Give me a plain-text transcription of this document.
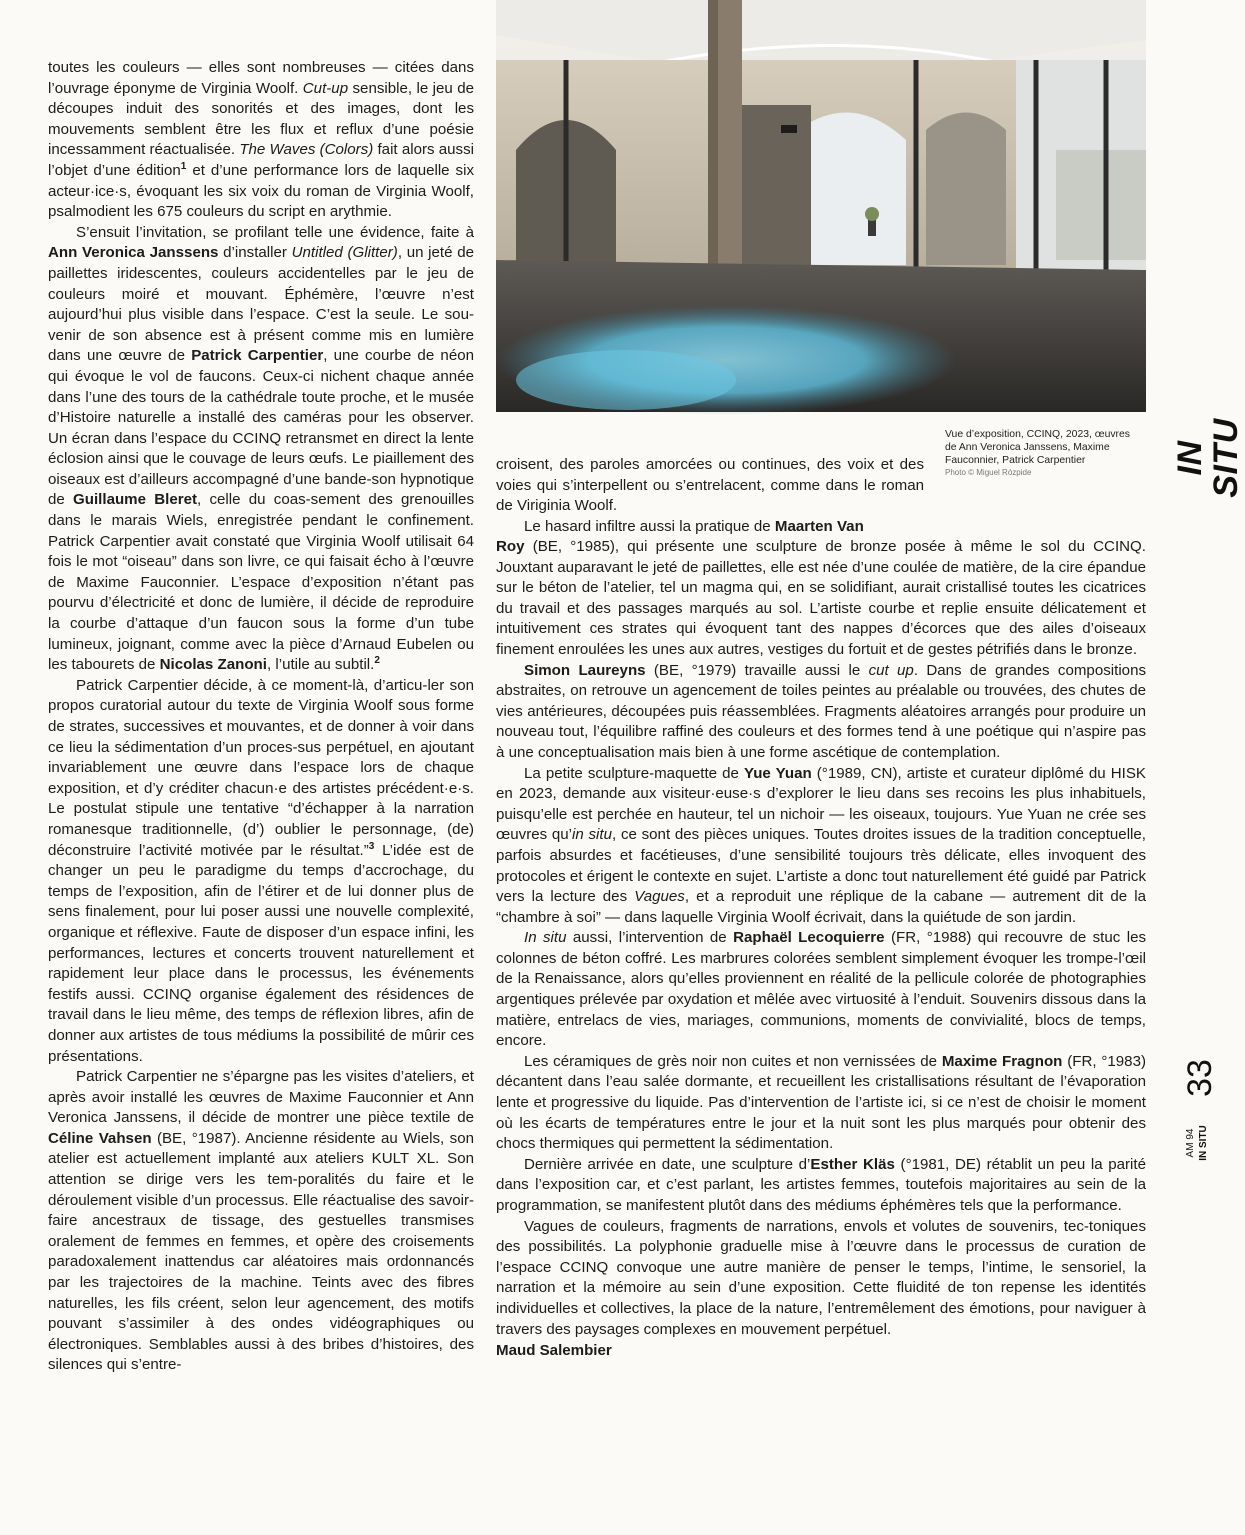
Vue d’exposition, CCINQ, 2023, œuvres
de Ann Veronica Janssens, Maxime
Fauconnier, Patrick Carpentier
Photo © Miguel Rózpide

toutes les couleurs — elles sont nombreuses — citées dans l’ouvrage éponyme de Virginia Woolf. Cut-up sensible, le jeu de découpes induit des sonorités et des images, dont les mouvements semblent être les flux et reflux d’une poésie incessamment réactualisée. The Waves (Colors) fait alors aussi l’objet d’une édition$^1$ et d’une performance lors de laquelle six acteur·ice·s, évoquant les six voix du roman de Virginia Woolf, psalmodient les 675 couleurs du script en arythmie.

S’ensuit l’invitation, se profilant telle une évidence, faite à Ann Veronica Janssens d’installer Untitled (Glitter), un jeté de paillettes iridescentes, couleurs accidentelles par le jeu de couleurs moiré et mouvant. Éphémère, l’œuvre n’est aujourd’hui plus visible dans l’espace. C’est la seule. Le sou-venir de son absence est à présent comme mis en lumière dans une œuvre de Patrick Carpentier, une courbe de néon qui évoque le vol de faucons. Ceux-ci nichent chaque année dans l’une des tours de la cathédrale toute proche, et le musée d’Histoire naturelle a installé des caméras pour les observer. Un écran dans l’espace du CCINQ retransmet en direct la lente éclosion ainsi que le couvage de leurs œufs. Le piaillement des oiseaux est d’ailleurs accompagné d’une bande-son hypnotique de Guillaume Bleret, celle du coas-sement des grenouilles dans le marais Wiels, enregistrée pendant le confinement. Patrick Carpentier avait constaté que Virginia Woolf utilisait 64 fois le mot “oiseau” dans son livre, ce qui faisait écho à l’œuvre de Maxime Fauconnier. L’espace d’exposition n’étant pas pourvu d’électricité et donc de lumière, il décide de reproduire la courbe d’attaque d’un faucon sous la forme d’un tube lumineux, joignant, comme avec la pièce d’Arnaud Eubelen ou les tabourets de Nicolas Zanoni, l’utile au subtil.$^2$

Patrick Carpentier décide, à ce moment-là, d’articu-ler son propos curatorial autour du texte de Virginia Woolf sous forme de strates, successives et mouvantes, et de donner à voir dans ce lieu la sédimentation d’un proces-sus perpétuel, en ajoutant invariablement une œuvre dans l’espace lors de chaque exposition, et d’y créditer chacun·e des artistes précédent·e·s. Le postulat stipule une tentative “d’échapper à la narration romanesque traditionnelle, (d’) oublier le personnage, (de) déconstruire l’activité motivée par le résultat.”$^3$ L’idée est de changer un peu le paradigme du temps d’accrochage, du temps de l’exposition, afin de l’étirer et de lui donner plus de sens finalement, pour lui poser aussi une nouvelle complexité, organique et réflexive. Faute de disposer d’un espace infini, les performances, lectures et concerts trouvent naturellement et rapidement leur place dans le processus, les événements festifs aussi. CCINQ organise également des résidences de travail dans le lieu même, des temps de réflexion libres, afin de donner aux artistes de tous médiums la possibilité de mûrir ces présentations.

Patrick Carpentier ne s’épargne pas les visites d’ateliers, et après avoir installé les œuvres de Maxime Fauconnier et Ann Veronica Janssens, il décide de montrer une pièce textile de Céline Vahsen (BE, °1987). Ancienne résidente au Wiels, son atelier est actuellement implanté aux ateliers KULT XL. Son attention se dirige vers les tem-poralités du faire et le déroulement visible d’un processus. Elle réactualise des savoir-faire ancestraux de tissage, des gestuelles transmises oralement de femmes en femmes, et opère des croisements paradoxalement inattendus car aléatoires mais ordonnancés par les trajectoires de la machine. Teints avec des fibres naturelles, les fils créent, selon leur agencement, des motifs pouvant s’assimiler à des ondes vidéographiques ou électroniques. Semblables aussi à des bribes d’histoires, des silences qui s’entre-

croisent, des paroles amorcées ou continues, des voix et des voies qui s’interpellent ou s’entrelacent, comme dans le roman de Viriginia Woolf.

Le hasard infiltre aussi la pratique de Maarten Van

Roy (BE, °1985), qui présente une sculpture de bronze posée à même le sol du CCINQ. Jouxtant auparavant le jeté de paillettes, elle est née d’une coulée de matière, de la cire épandue sur le béton de l’atelier, tel un magma qui, en se solidifiant, aurait cristallisé toutes les cicatrices du travail et des passages marqués au sol. L’artiste courbe et replie ensuite délicatement et intuitivement ces strates qui évoquent tant des nappes d’écorces que des ailes d’oiseaux finement enroulées les unes aux autres, vestiges du fortuit et de gestes pétrifiés dans le bronze.

Simon Laureyns (BE, °1979) travaille aussi le cut up. Dans de grandes compositions abstraites, on retrouve un agencement de toiles peintes au préalable ou trouvées, des chutes de vies antérieures, découpées puis réassemblées. Fragments aléatoires arrangés pour produire un nouveau tout, l’équilibre raffiné des couleurs et des formes tend à une poétique qui n’aspire pas à une conceptualisation mais bien à une forme ascétique de contemplation.

La petite sculpture-maquette de Yue Yuan (°1989, CN), artiste et curateur diplômé du HISK en 2023, demande aux visiteur·euse·s d’explorer le lieu dans ses recoins les plus inhabituels, puisqu’elle est perchée en hauteur, tel un nichoir — les oiseaux, toujours. Yue Yuan ne crée ses œuvres qu’in situ, ce sont des pièces uniques. Toutes droites issues de la tradition conceptuelle, parfois absurdes et facétieuses, d’une sensibilité toujours très délicate, elles invoquent des protocoles et érigent le contexte en sujet. L’artiste a donc tout naturellement été guidé par Patrick vers la lecture des Vagues, et a reproduit une réplique de la cabane — autrement dit de la “chambre à soi” — dans laquelle Virginia Woolf écrivait, dans la quiétude de son jardin.

In situ aussi, l’intervention de Raphaël Lecoquierre (FR, °1988) qui recouvre de stuc les colonnes de béton coffré. Les marbrures colorées semblent simplement évoquer les trompe-l’œil de la Renaissance, alors qu’elles proviennent en réalité de la pellicule colorée de photographies argentiques prélevée par oxydation et mêlée avec virtuosité à l’enduit. Souvenirs dissous dans la matière, entrelacs de vies, mariages, communions, moments de convivialité, blocs de temps, encore.

Les céramiques de grès noir non cuites et non vernissées de Maxime Fragnon (FR, °1983) décantent dans l’eau salée dormante, et recueillent les cristallisations résultant de l’évaporation lente et progressive du liquide. Pas d’intervention de l’artiste ici, si ce n’est de choisir le moment où les écarts de températures entre le jour et la nuit sont les plus marqués pour obtenir des chocs thermiques qui permettent la sédimentation.

Dernière arrivée en date, une sculpture d’Esther Kläs (°1981, DE) rétablit un peu la parité dans l’exposition car, et c’est parlant, les artistes femmes, toutefois majoritaires au sein de la programmation, se manifestent plutôt dans des médiums éphémères tels que la performance.

Vagues de couleurs, fragments de narrations, envols et volutes de souvenirs, tec-toniques des possibilités. La polyphonie graduelle mise à l’œuvre dans le processus de curation de l’espace CCINQ convoque une autre manière de penser le temps, l’intime, le sensoriel, la narration et la mémoire au sein d’une exposition. Cette fluidité de ton repense les identités individuelles et collectives, la place de la nature, l’entremêlement des émotions, pour naviguer à travers des paysages complexes en mouvement perpétuel.

Maud Salembier

IN SITU
33
AM 94 IN SITU
